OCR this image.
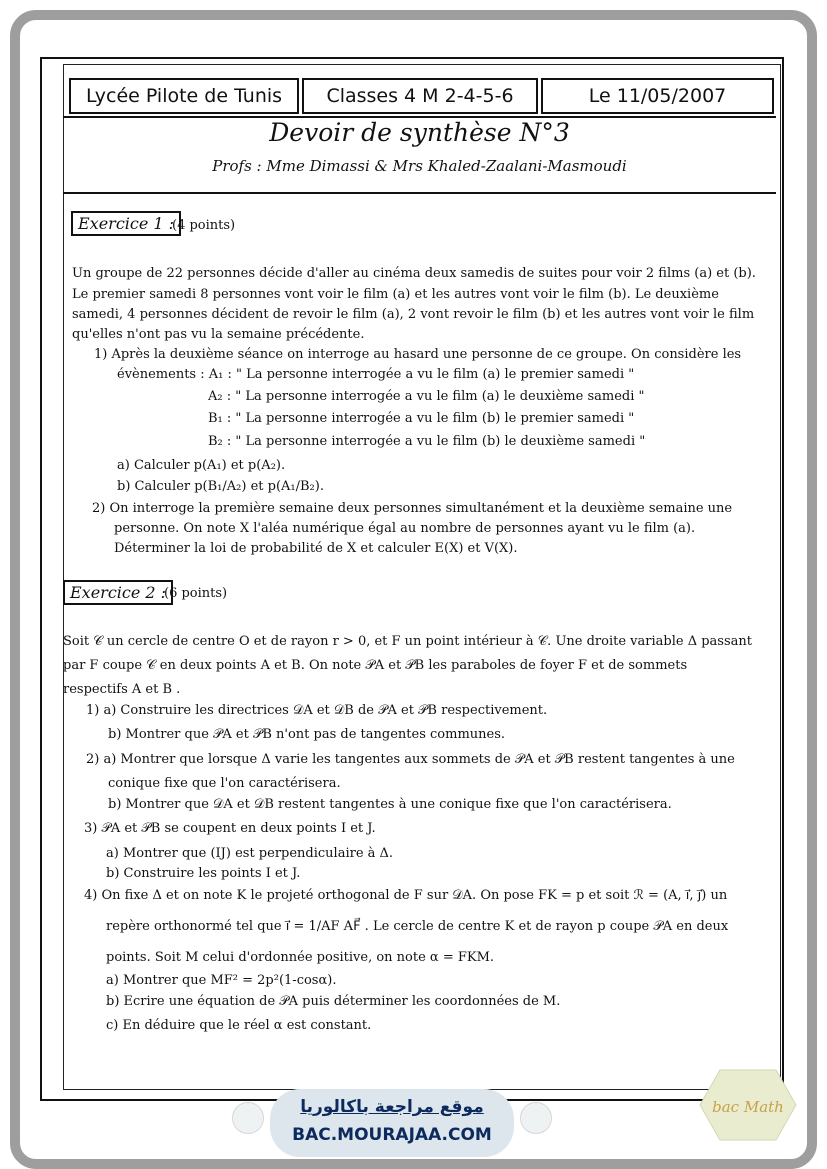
Lycée Pilote de Tunis	Classes 4 M 2-4-5-6	Le 11/05/2007
Devoir de synthèse N°3
Profs : Mme Dimassi & Mrs Khaled-Zaalani-Masmoudi
Exercice 1 :
(4 points)
Un groupe de 22 personnes décide d'aller au cinéma deux samedis de suites pour voir 2 films (a) et (b).
Le premier samedi 8 personnes vont voir le film (a) et les autres vont voir le film (b). Le deuxième
samedi, 4 personnes décident de revoir le film (a), 2 vont revoir le film (b) et les autres vont voir le film
qu'elles n'ont pas vu la semaine précédente.
1) Après la deuxième séance on interroge au hasard une personne de ce groupe. On considère les
évènements : A₁ : " La personne interrogée a vu le film (a) le premier samedi "
A₂ : " La personne interrogée a vu le film (a) le deuxième samedi "
B₁ : " La personne interrogée a vu le film (b) le premier samedi "
B₂ : " La personne interrogée a vu le film (b) le deuxième samedi "
a) Calculer p(A₁) et p(A₂).
b) Calculer p(B₁/A₂) et p(A₁/B₂).
2) On interroge la première semaine deux personnes simultanément et la deuxième semaine une
personne. On note X l'aléa numérique égal au nombre de personnes ayant vu le film (a).
Déterminer la loi de probabilité de X et calculer E(X) et V(X).
Exercice 2 :
(6 points)
Soit 𝒞 un cercle de centre O et de rayon r > 0, et F un point intérieur à 𝒞. Une droite variable Δ passant
par F coupe 𝒞 en deux points A et B. On note 𝒫A et 𝒫B les paraboles de foyer F et de sommets
respectifs A et B .
1) a) Construire les directrices 𝒟A et 𝒟B de 𝒫A et 𝒫B respectivement.
b) Montrer que 𝒫A et 𝒫B n'ont pas de tangentes communes.
2) a) Montrer que lorsque Δ varie les tangentes aux sommets de 𝒫A et 𝒫B restent tangentes à une
conique fixe que l'on caractérisera.
b) Montrer que 𝒟A et 𝒟B restent tangentes à une conique fixe que l'on caractérisera.
3) 𝒫A et 𝒫B se coupent en deux points I et J.
a) Montrer que (IJ) est perpendiculaire à Δ.
b) Construire les points I et J.
4) On fixe Δ et on note K le projeté orthogonal de F sur 𝒟A. On pose FK = p et soit ℛ = (A, i⃗, j⃗) un
repère orthonormé tel que i⃗ = 1/AF AF⃗ . Le cercle de centre K et de rayon p coupe 𝒫A en deux
points. Soit M celui d'ordonnée positive, on note α = FKM.
a) Montrer que MF² = 2p²(1-cosα).
b) Ecrire une équation de 𝒫A puis déterminer les coordonnées de M.
c) En déduire que le réel α est constant.
موقع مراجعة باكالوريا
BAC.MOURAJAA.COM
bac Math
